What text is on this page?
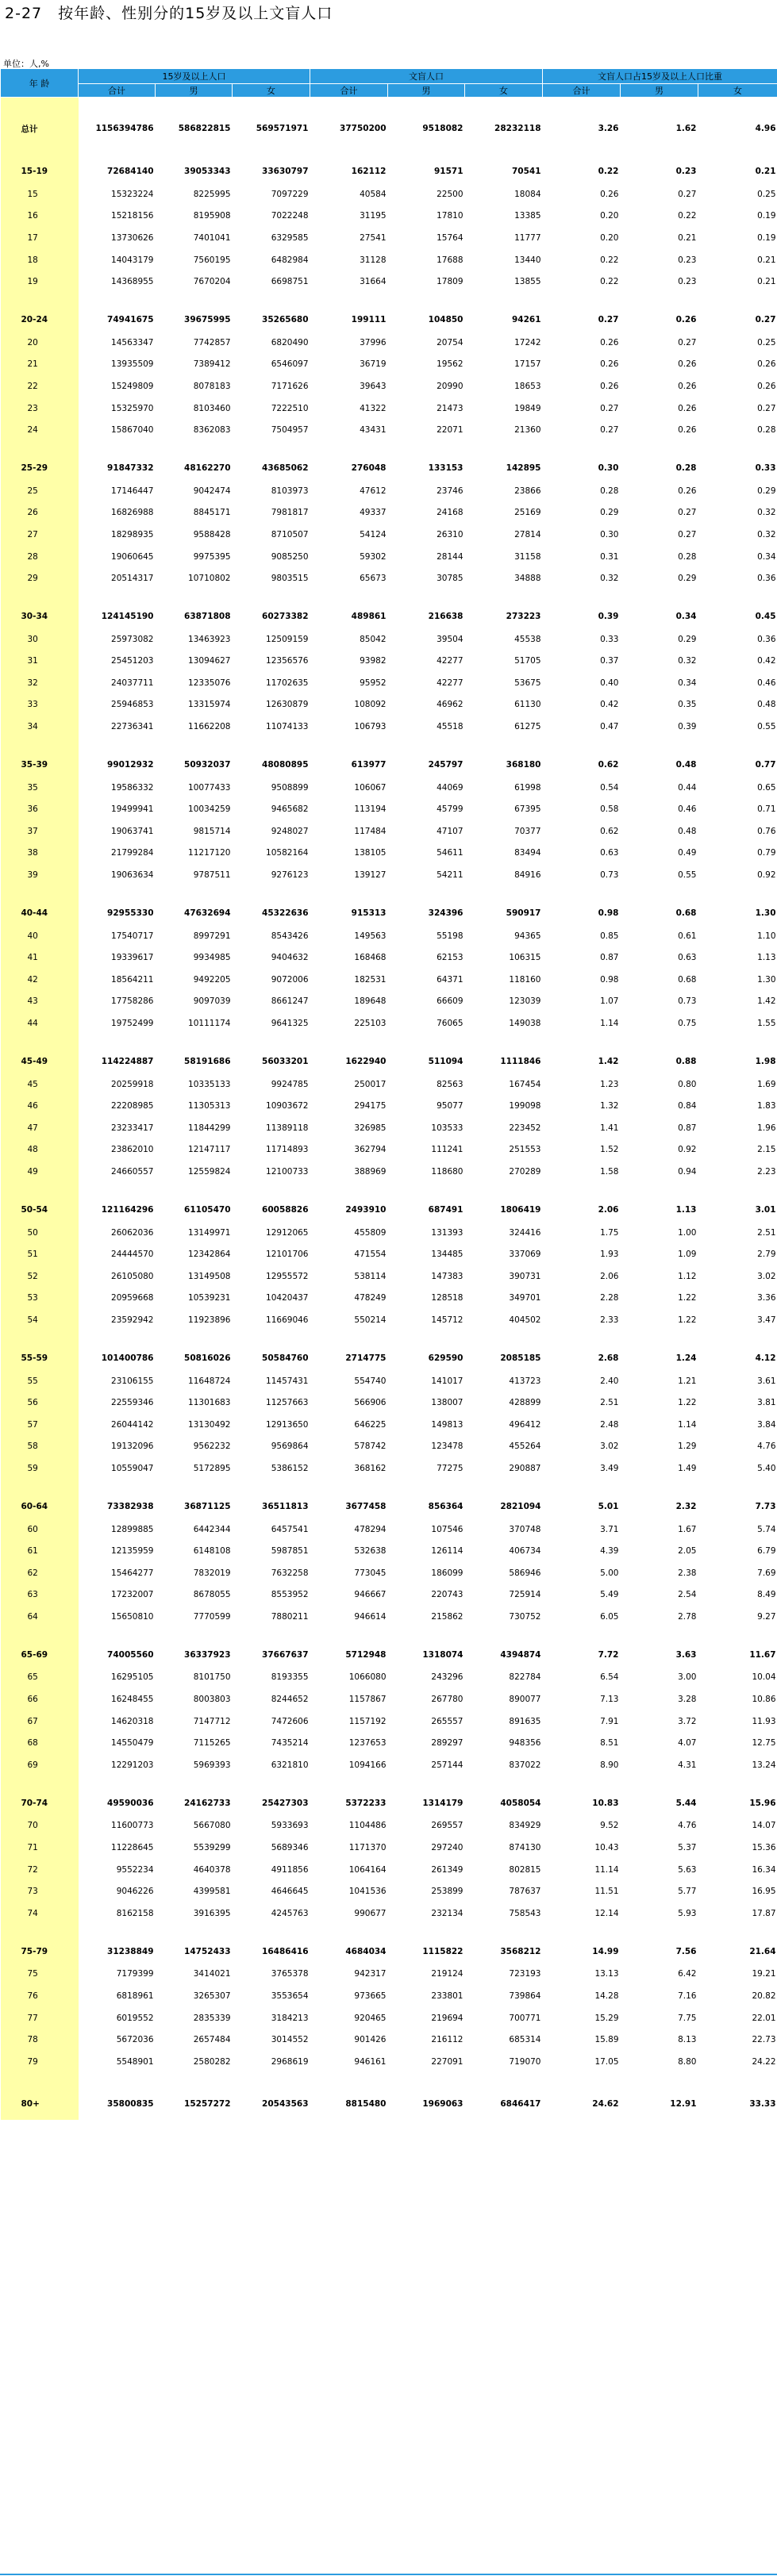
2-27　按年龄、性别分的15岁及以上文盲人口
单位：人,%
年 龄	15岁及以上人口			文盲人口			文盲人口占15岁及以上人口比重		
	合计	男	女	合计	男	女	合计	男	女

总计	1156394786	586822815	569571971	37750200	9518082	28232118	3.26	1.62	4.96

15-19	72684140	39053343	33630797	162112	91571	70541	0.22	0.23	0.21
15	15323224	8225995	7097229	40584	22500	18084	0.26	0.27	0.25
16	15218156	8195908	7022248	31195	17810	13385	0.20	0.22	0.19
17	13730626	7401041	6329585	27541	15764	11777	0.20	0.21	0.19
18	14043179	7560195	6482984	31128	17688	13440	0.22	0.23	0.21
19	14368955	7670204	6698751	31664	17809	13855	0.22	0.23	0.21

20-24	74941675	39675995	35265680	199111	104850	94261	0.27	0.26	0.27
20	14563347	7742857	6820490	37996	20754	17242	0.26	0.27	0.25
21	13935509	7389412	6546097	36719	19562	17157	0.26	0.26	0.26
22	15249809	8078183	7171626	39643	20990	18653	0.26	0.26	0.26
23	15325970	8103460	7222510	41322	21473	19849	0.27	0.26	0.27
24	15867040	8362083	7504957	43431	22071	21360	0.27	0.26	0.28

25-29	91847332	48162270	43685062	276048	133153	142895	0.30	0.28	0.33
25	17146447	9042474	8103973	47612	23746	23866	0.28	0.26	0.29
26	16826988	8845171	7981817	49337	24168	25169	0.29	0.27	0.32
27	18298935	9588428	8710507	54124	26310	27814	0.30	0.27	0.32
28	19060645	9975395	9085250	59302	28144	31158	0.31	0.28	0.34
29	20514317	10710802	9803515	65673	30785	34888	0.32	0.29	0.36

30-34	124145190	63871808	60273382	489861	216638	273223	0.39	0.34	0.45
30	25973082	13463923	12509159	85042	39504	45538	0.33	0.29	0.36
31	25451203	13094627	12356576	93982	42277	51705	0.37	0.32	0.42
32	24037711	12335076	11702635	95952	42277	53675	0.40	0.34	0.46
33	25946853	13315974	12630879	108092	46962	61130	0.42	0.35	0.48
34	22736341	11662208	11074133	106793	45518	61275	0.47	0.39	0.55

35-39	99012932	50932037	48080895	613977	245797	368180	0.62	0.48	0.77
35	19586332	10077433	9508899	106067	44069	61998	0.54	0.44	0.65
36	19499941	10034259	9465682	113194	45799	67395	0.58	0.46	0.71
37	19063741	9815714	9248027	117484	47107	70377	0.62	0.48	0.76
38	21799284	11217120	10582164	138105	54611	83494	0.63	0.49	0.79
39	19063634	9787511	9276123	139127	54211	84916	0.73	0.55	0.92

40-44	92955330	47632694	45322636	915313	324396	590917	0.98	0.68	1.30
40	17540717	8997291	8543426	149563	55198	94365	0.85	0.61	1.10
41	19339617	9934985	9404632	168468	62153	106315	0.87	0.63	1.13
42	18564211	9492205	9072006	182531	64371	118160	0.98	0.68	1.30
43	17758286	9097039	8661247	189648	66609	123039	1.07	0.73	1.42
44	19752499	10111174	9641325	225103	76065	149038	1.14	0.75	1.55

45-49	114224887	58191686	56033201	1622940	511094	1111846	1.42	0.88	1.98
45	20259918	10335133	9924785	250017	82563	167454	1.23	0.80	1.69
46	22208985	11305313	10903672	294175	95077	199098	1.32	0.84	1.83
47	23233417	11844299	11389118	326985	103533	223452	1.41	0.87	1.96
48	23862010	12147117	11714893	362794	111241	251553	1.52	0.92	2.15
49	24660557	12559824	12100733	388969	118680	270289	1.58	0.94	2.23

50-54	121164296	61105470	60058826	2493910	687491	1806419	2.06	1.13	3.01
50	26062036	13149971	12912065	455809	131393	324416	1.75	1.00	2.51
51	24444570	12342864	12101706	471554	134485	337069	1.93	1.09	2.79
52	26105080	13149508	12955572	538114	147383	390731	2.06	1.12	3.02
53	20959668	10539231	10420437	478249	128518	349701	2.28	1.22	3.36
54	23592942	11923896	11669046	550214	145712	404502	2.33	1.22	3.47

55-59	101400786	50816026	50584760	2714775	629590	2085185	2.68	1.24	4.12
55	23106155	11648724	11457431	554740	141017	413723	2.40	1.21	3.61
56	22559346	11301683	11257663	566906	138007	428899	2.51	1.22	3.81
57	26044142	13130492	12913650	646225	149813	496412	2.48	1.14	3.84
58	19132096	9562232	9569864	578742	123478	455264	3.02	1.29	4.76
59	10559047	5172895	5386152	368162	77275	290887	3.49	1.49	5.40

60-64	73382938	36871125	36511813	3677458	856364	2821094	5.01	2.32	7.73
60	12899885	6442344	6457541	478294	107546	370748	3.71	1.67	5.74
61	12135959	6148108	5987851	532638	126114	406734	4.39	2.05	6.79
62	15464277	7832019	7632258	773045	186099	586946	5.00	2.38	7.69
63	17232007	8678055	8553952	946667	220743	725914	5.49	2.54	8.49
64	15650810	7770599	7880211	946614	215862	730752	6.05	2.78	9.27

65-69	74005560	36337923	37667637	5712948	1318074	4394874	7.72	3.63	11.67
65	16295105	8101750	8193355	1066080	243296	822784	6.54	3.00	10.04
66	16248455	8003803	8244652	1157867	267780	890077	7.13	3.28	10.86
67	14620318	7147712	7472606	1157192	265557	891635	7.91	3.72	11.93
68	14550479	7115265	7435214	1237653	289297	948356	8.51	4.07	12.75
69	12291203	5969393	6321810	1094166	257144	837022	8.90	4.31	13.24

70-74	49590036	24162733	25427303	5372233	1314179	4058054	10.83	5.44	15.96
70	11600773	5667080	5933693	1104486	269557	834929	9.52	4.76	14.07
71	11228645	5539299	5689346	1171370	297240	874130	10.43	5.37	15.36
72	9552234	4640378	4911856	1064164	261349	802815	11.14	5.63	16.34
73	9046226	4399581	4646645	1041536	253899	787637	11.51	5.77	16.95
74	8162158	3916395	4245763	990677	232134	758543	12.14	5.93	17.87

75-79	31238849	14752433	16486416	4684034	1115822	3568212	14.99	7.56	21.64
75	7179399	3414021	3765378	942317	219124	723193	13.13	6.42	19.21
76	6818961	3265307	3553654	973665	233801	739864	14.28	7.16	20.82
77	6019552	2835339	3184213	920465	219694	700771	15.29	7.75	22.01
78	5672036	2657484	3014552	901426	216112	685314	15.89	8.13	22.73
79	5548901	2580282	2968619	946161	227091	719070	17.05	8.80	24.22

80+	35800835	15257272	20543563	8815480	1969063	6846417	24.62	12.91	33.33
